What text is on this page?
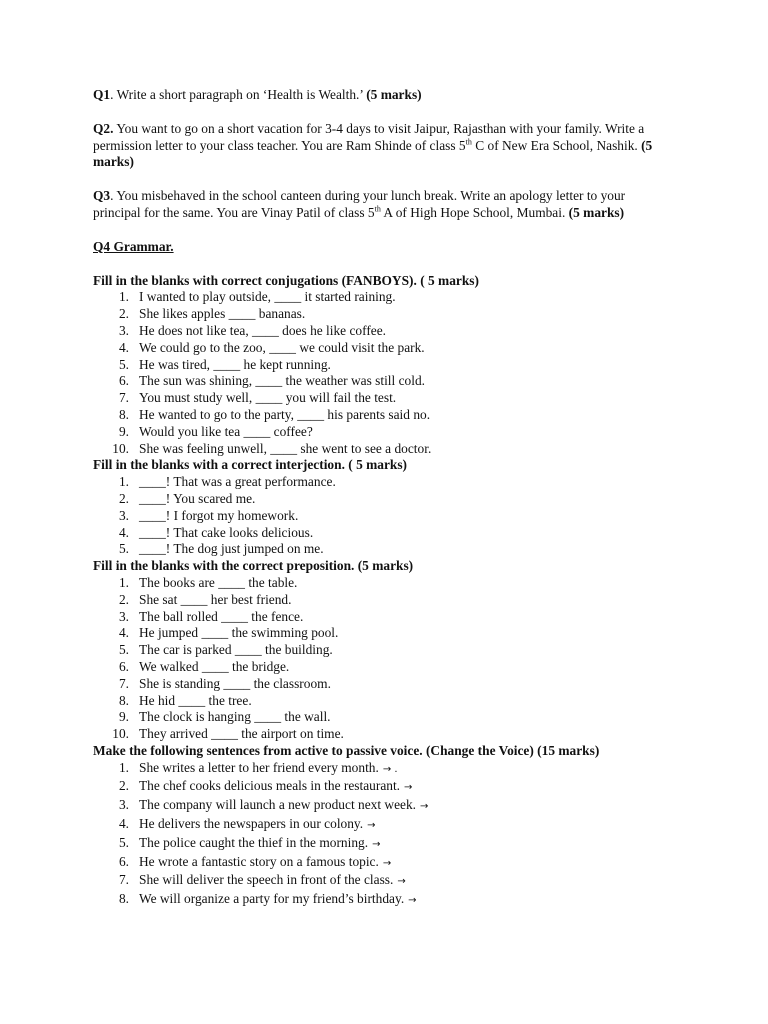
Q1. Write a short paragraph on ‘Health is Wealth.’ (5 marks)

Q2. You want to go on a short vacation for 3-4 days to visit Jaipur, Rajasthan with your family. Write a permission letter to your class teacher. You are Ram Shinde of class 5th C of New Era School, Nashik. (5 marks)

Q3. You misbehaved in the school canteen during your lunch break. Write an apology letter to your principal for the same. You are Vinay Patil of class 5th A of High Hope School, Mumbai. (5 marks)

Q4 Grammar.

Fill in the blanks with correct conjugations (FANBOYS). ( 5 marks)

1. I wanted to play outside, ____ it started raining.
2. She likes apples ____ bananas.
3. He does not like tea, ____ does he like coffee.
4. We could go to the zoo, ____ we could visit the park.
5. He was tired, ____ he kept running.
6. The sun was shining, ____ the weather was still cold.
7. You must study well, ____ you will fail the test.
8. He wanted to go to the party, ____ his parents said no.
9. Would you like tea ____ coffee?
10. She was feeling unwell, ____ she went to see a doctor.

Fill in the blanks with a correct interjection. ( 5 marks)

1. ____! That was a great performance.
2. ____! You scared me.
3. ____! I forgot my homework.
4. ____! That cake looks delicious.
5. ____! The dog just jumped on me.

Fill in the blanks with the correct preposition. (5 marks)

1. The books are ____ the table.
2. She sat ____ her best friend.
3. The ball rolled ____ the fence.
4. He jumped ____ the swimming pool.
5. The car is parked ____ the building.
6. We walked ____ the bridge.
7. She is standing ____ the classroom.
8. He hid ____ the tree.
9. The clock is hanging ____ the wall.
10. They arrived ____ the airport on time.

Make the following sentences from active to passive voice. (Change the Voice) (15 marks)

1. She writes a letter to her friend every month. → .
2. The chef cooks delicious meals in the restaurant. →
3. The company will launch a new product next week. →
4. He delivers the newspapers in our colony. →
5. The police caught the thief in the morning. →
6. He wrote a fantastic story on a famous topic. →
7. She will deliver the speech in front of the class. →
8. We will organize a party for my friend’s birthday. →
